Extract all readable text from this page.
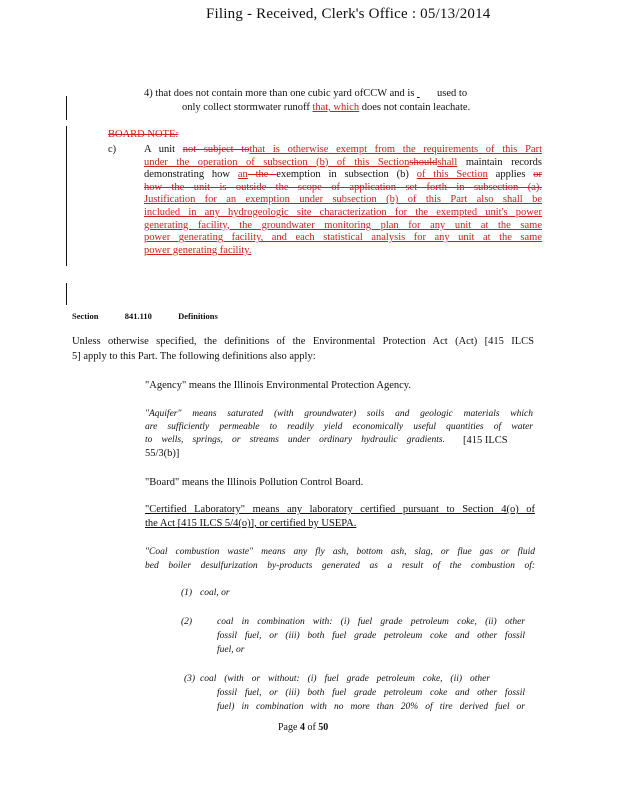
Filing - Received, Clerk's Office : 05/13/2014
4) that does not contain more than one cubic yard ofCCW and is  used to
only collect stormwater runoff that, which does not contain leachate.
BOARD NOTE:
c)	A unit not subject tothat is otherwise exempt from the requirements of this Part
under the operation of subsection (b) of this Sectionshouldshall maintain records
demonstrating how an the exemption in subsection (b) of this Section applies or
how the unit is outside the scope of application set forth in subsection (a).
Justification for an exemption under subsection (b) of this Part also shall be
included in any hydrogeologic site characterization for the exempted unit's power
generating facility, the groundwater monitoring plan for any unit at the same
power generating facility, and each statistical analysis for any unit at the same
power generating facility.
Section	841.110	Definitions
Unless otherwise specified, the definitions of the Environmental Protection Act (Act) [415 ILCS
5] apply to this Part. The following definitions also apply:
"Agency" means the Illinois Environmental Protection Agency.
"Aquifer" means saturated (with groundwater) soils and geologic materials which
are sufficiently permeable to readily yield economically useful quantities of water
to wells, springs, or streams under ordinary hydraulic gradients. [415 ILCS
55/3(b)]
"Board" means the Illinois Pollution Control Board.
"Certified Laboratory" means any laboratory certified pursuant to Section 4(o) of
the Act [415 ILCS 5/4(o)], or certified by USEPA.
"Coal combustion waste" means any fly ash, bottom ash, slag, or flue gas or fluid
bed boiler desulfurization by-products generated as a result of the combustion of:
(1) coal, or
(2)	coal in combination with: (i) fuel grade petroleum coke, (ii) other
fossil fuel, or (iii) both fuel grade petroleum coke and other fossil
fuel, or
(3) coal (with or without: (i) fuel grade petroleum coke, (ii) other
fossil fuel, or (iii) both fuel grade petroleum coke and other fossil
fuel) in combination with no more than 20% of tire derived fuel or
Page 4 of 50
